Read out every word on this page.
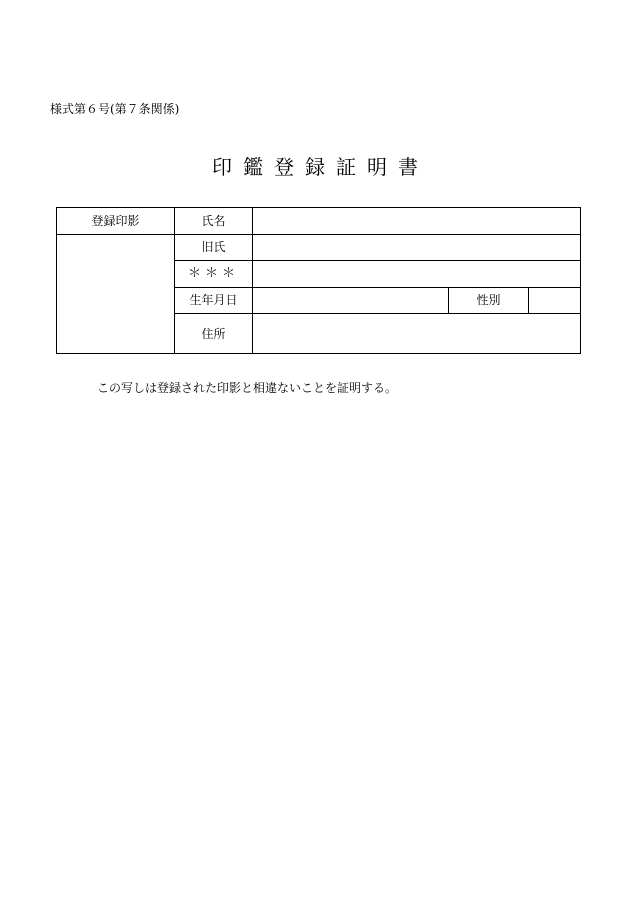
様式第６号(第７条関係)
印鑑登録証明書
登録印影	氏名			
	旧氏			
	＊＊＊			
	生年月日		性別	
	住所			
この写しは登録された印影と相違ないことを証明する。
